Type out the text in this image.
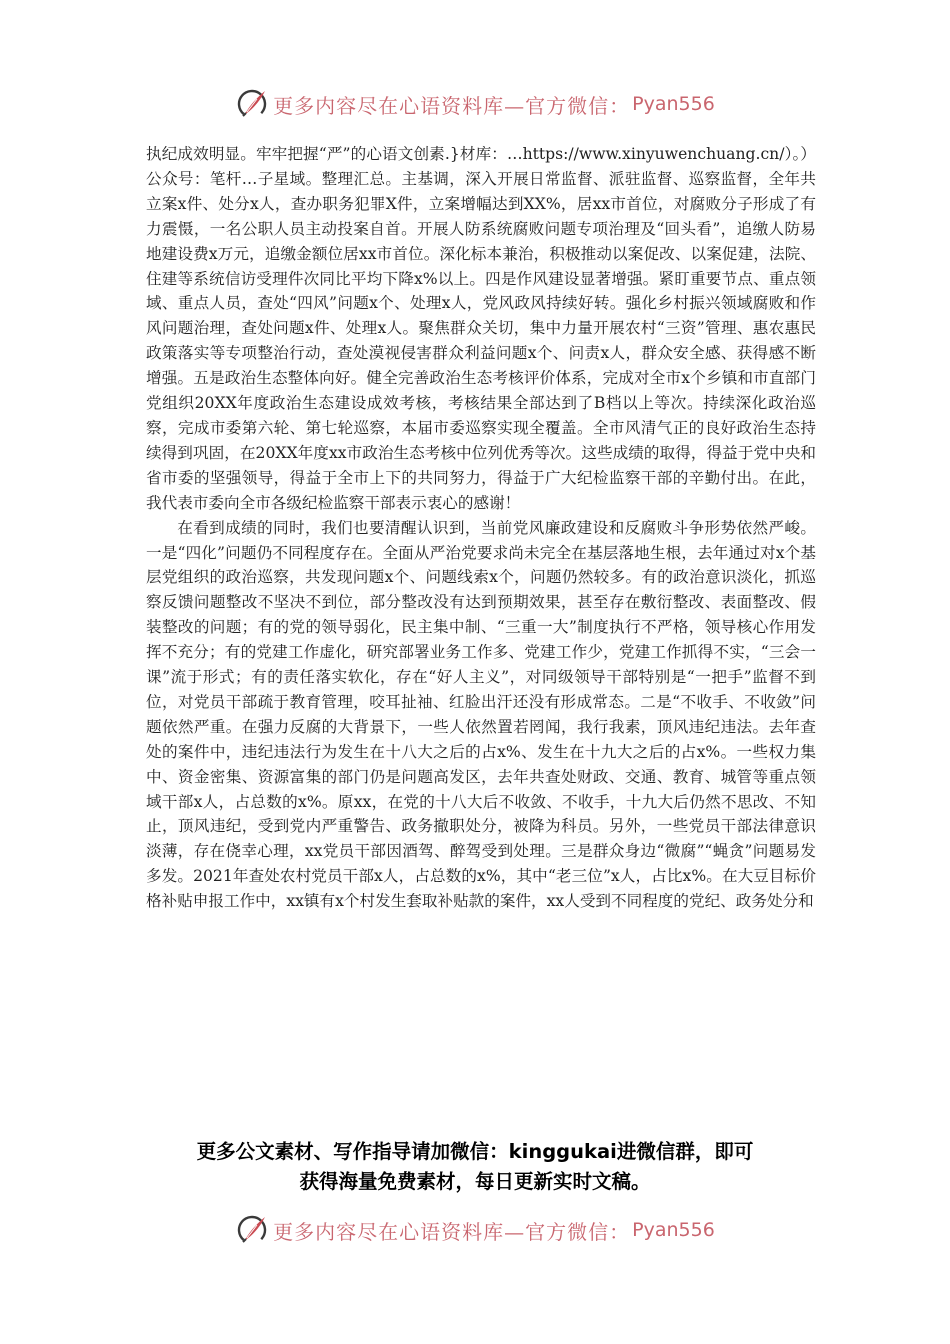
更多内容尽在心语资料库—官方微信： Pyan556

执纪成效明显。牢牢把握“严”的心语文创素.}材库：…https://www.xinyuwenchuang.cn/）。）公众号：笔杆…子星域。整理汇总。主基调，深入开展日常监督、派驻监督、巡察监督，全年共立案x件、处分x人，查办职务犯罪X件，立案增幅达到XX%，居xx市首位，对腐败分子形成了有力震慑，一名公职人员主动投案自首。开展人防系统腐败问题专项治理及“回头看”，追缴人防易地建设费x万元，追缴金额位居xx市首位。深化标本兼治，积极推动以案促改、以案促建，法院、住建等系统信访受理件次同比平均下降x%以上。四是作风建设显著增强。紧盯重要节点、重点领域、重点人员，查处“四风”问题x个、处理x人，党风政风持续好转。强化乡村振兴领域腐败和作风问题治理，查处问题x件、处理x人。聚焦群众关切，集中力量开展农村“三资”管理、惠农惠民政策落实等专项整治行动，查处漠视侵害群众利益问题x个、问责x人，群众安全感、获得感不断增强。五是政治生态整体向好。健全完善政治生态考核评价体系，完成对全市x个乡镇和市直部门党组织20XX年度政治生态建设成效考核，考核结果全部达到了B档以上等次。持续深化政治巡察，完成市委第六轮、第七轮巡察，本届市委巡察实现全覆盖。全市风清气正的良好政治生态持续得到巩固，在20XX年度xx市政治生态考核中位列优秀等次。这些成绩的取得，得益于党中央和省市委的坚强领导，得益于全市上下的共同努力，得益于广大纪检监察干部的辛勤付出。在此，我代表市委向全市各级纪检监察干部表示衷心的感谢！

在看到成绩的同时，我们也要清醒认识到，当前党风廉政建设和反腐败斗争形势依然严峻。一是“四化”问题仍不同程度存在。全面从严治党要求尚未完全在基层落地生根，去年通过对x个基层党组织的政治巡察，共发现问题x个、问题线索x个，问题仍然较多。有的政治意识淡化，抓巡察反馈问题整改不坚决不到位，部分整改没有达到预期效果，甚至存在敷衍整改、表面整改、假装整改的问题；有的党的领导弱化，民主集中制、“三重一大”制度执行不严格，领导核心作用发挥不充分；有的党建工作虚化，研究部署业务工作多、党建工作少，党建工作抓得不实，“三会一课”流于形式；有的责任落实软化，存在“好人主义”，对同级领导干部特别是“一把手”监督不到位，对党员干部疏于教育管理，咬耳扯袖、红脸出汗还没有形成常态。二是“不收手、不收敛”问题依然严重。在强力反腐的大背景下，一些人依然置若罔闻，我行我素，顶风违纪违法。去年查处的案件中，违纪违法行为发生在十八大之后的占x%、发生在十九大之后的占x%。一些权力集中、资金密集、资源富集的部门仍是问题高发区，去年共查处财政、交通、教育、城管等重点领域干部x人，占总数的x%。原xx，在党的十八大后不收敛、不收手，十九大后仍然不思改、不知止，顶风违纪，受到党内严重警告、政务撤职处分，被降为科员。另外，一些党员干部法律意识淡薄，存在侥幸心理，xx党员干部因酒驾、醉驾受到处理。三是群众身边“微腐”“蝇贪”问题易发多发。2021年查处农村党员干部x人，占总数的x%，其中“老三位”x人，占比x%。在大豆目标价格补贴申报工作中，xx镇有x个村发生套取补贴款的案件，xx人受到不同程度的党纪、政务处分和

更多公文素材、写作指导请加微信：kinggukai进微信群，即可
获得海量免费素材，每日更新实时文稿。
更多内容尽在心语资料库—官方微信： Pyan556
